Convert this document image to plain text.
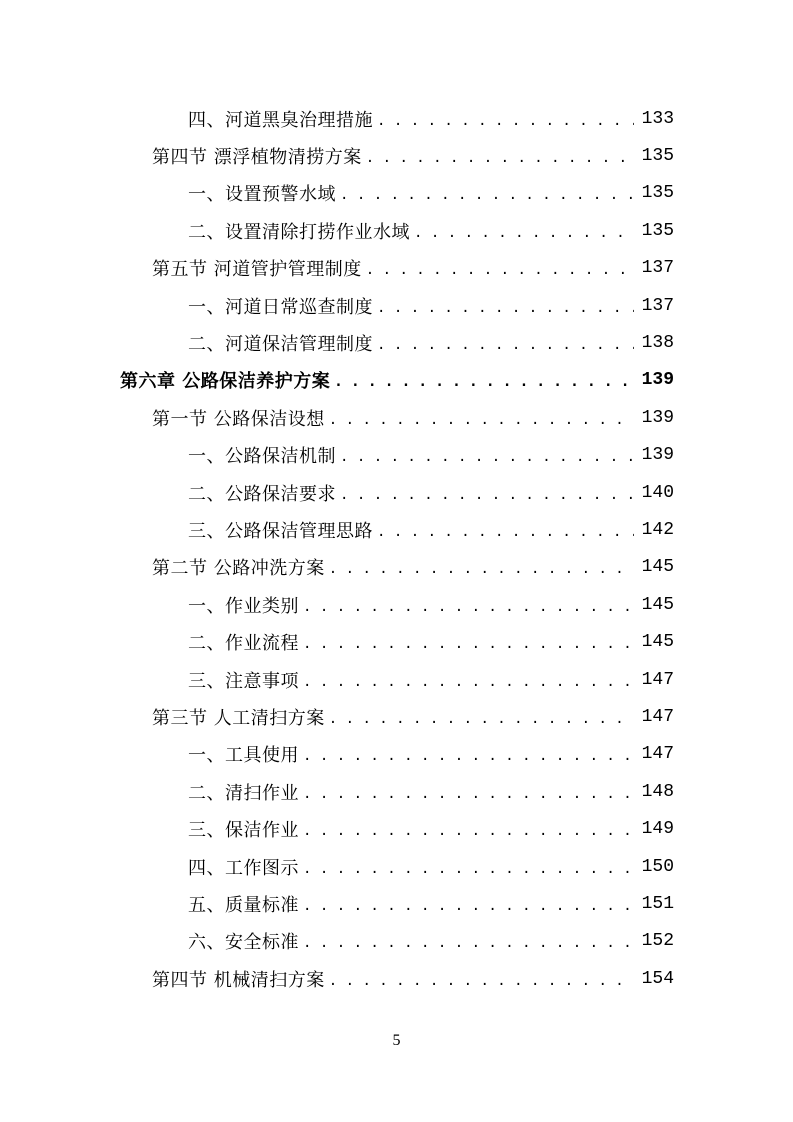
四、河道黑臭治理措施 . . .	133
第四节 漂浮植物清捞方案 . . .	135
一、设置预警水域 . . .	135
二、设置清除打捞作业水域 . . .	135
第五节 河道管护管理制度 . . .	137
一、河道日常巡查制度 . . .	137
二、河道保洁管理制度 . . .	138
第六章 公路保洁养护方案 . . .	139
第一节 公路保洁设想 . . .	139
一、公路保洁机制 . . .	139
二、公路保洁要求 . . .	140
三、公路保洁管理思路 . . .	142
第二节 公路冲洗方案 . . .	145
一、作业类别 . . .	145
二、作业流程 . . .	145
三、注意事项 . . .	147
第三节 人工清扫方案 . . .	147
一、工具使用 . . .	147
二、清扫作业 . . .	148
三、保洁作业 . . .	149
四、工作图示 . . .	150
五、质量标准 . . .	151
六、安全标准 . . .	152
第四节 机械清扫方案 . . .	154
5
